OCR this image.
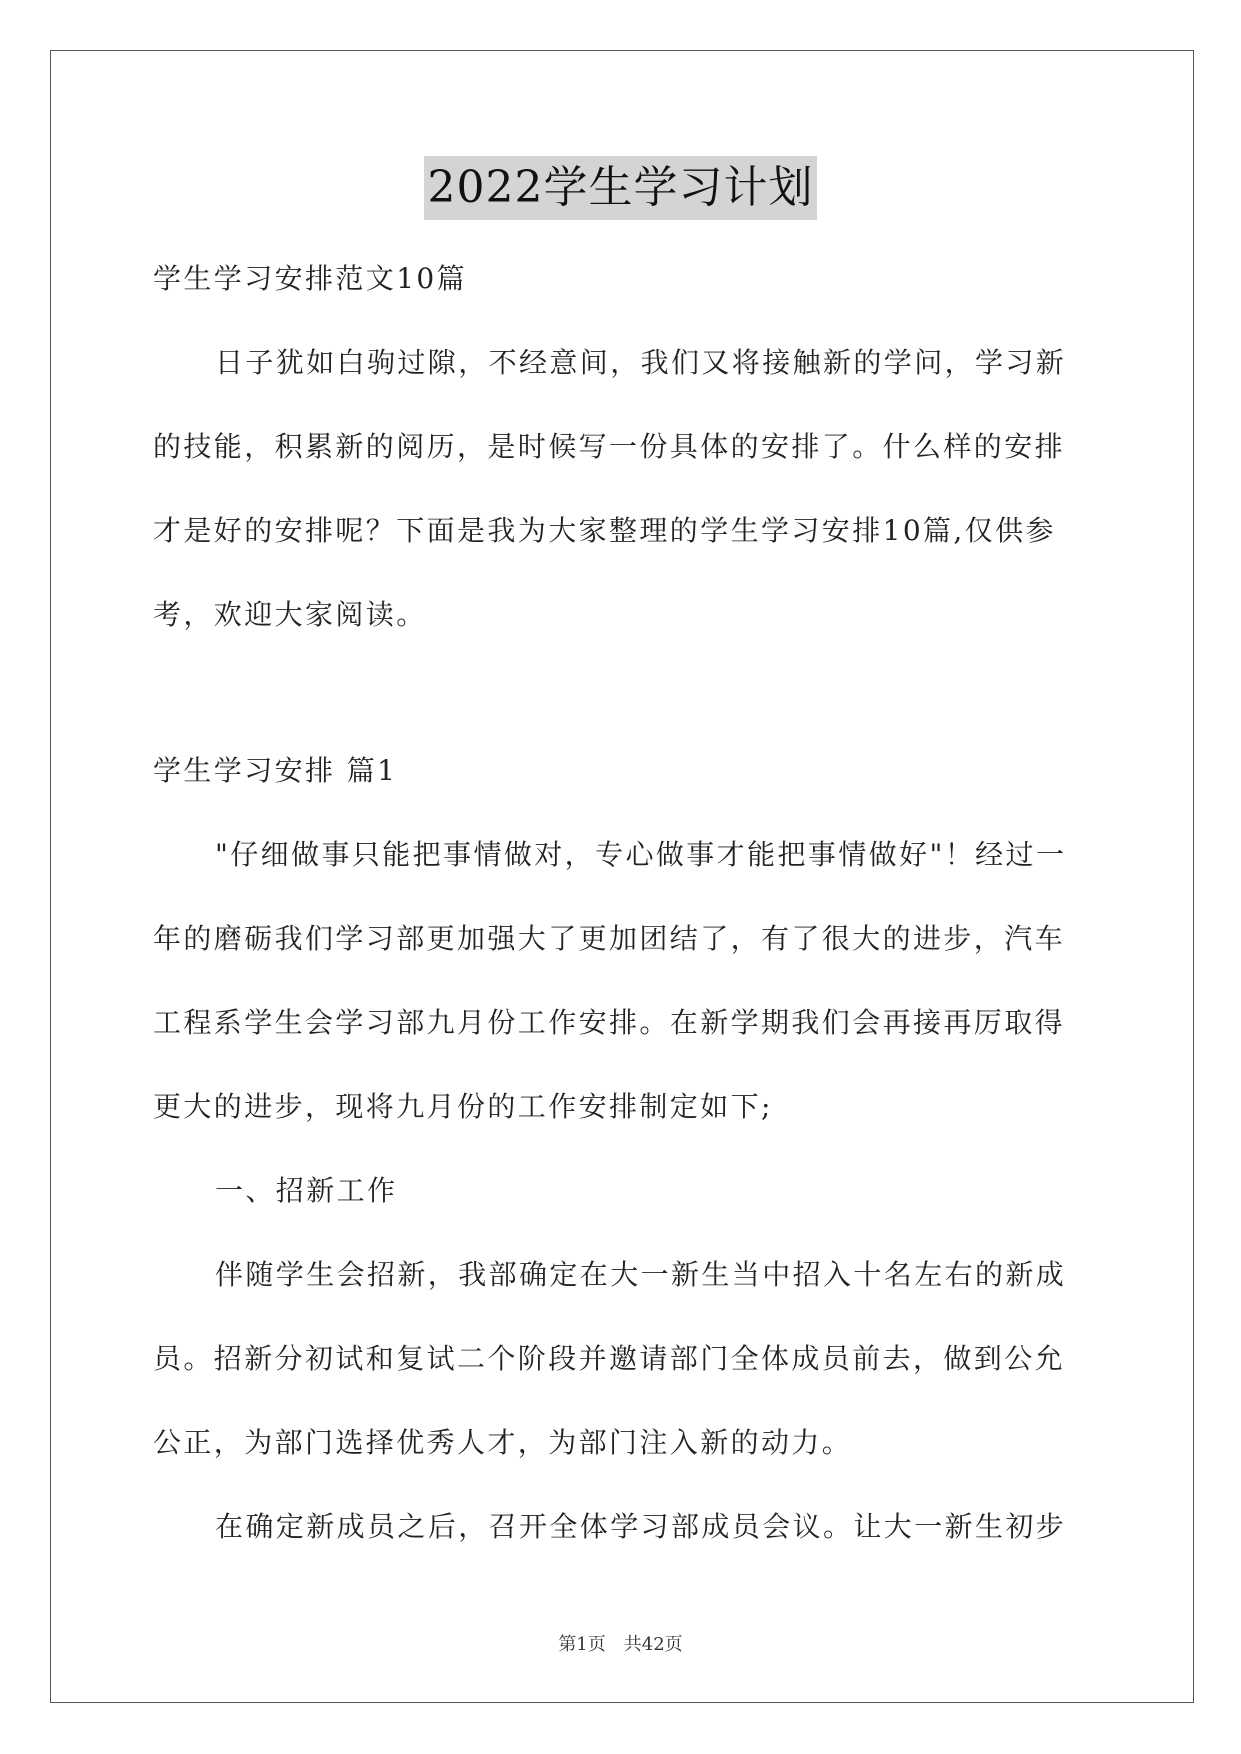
2022学生学习计划

学生学习安排范文10篇

日子犹如白驹过隙，不经意间，我们又将接触新的学问，学习新的技能，积累新的阅历，是时候写一份具体的安排了。什么样的安排才是好的安排呢？下面是我为大家整理的学生学习安排10篇,仅供参考，欢迎大家阅读。

学生学习安排 篇1

"仔细做事只能把事情做对，专心做事才能把事情做好"！经过一年的磨砺我们学习部更加强大了更加团结了，有了很大的进步，汽车工程系学生会学习部九月份工作安排。在新学期我们会再接再厉取得更大的进步，现将九月份的工作安排制定如下;

一、招新工作

伴随学生会招新，我部确定在大一新生当中招入十名左右的新成员。招新分初试和复试二个阶段并邀请部门全体成员前去，做到公允公正，为部门选择优秀人才，为部门注入新的动力。

在确定新成员之后，召开全体学习部成员会议。让大一新生初步

第1页 共42页
